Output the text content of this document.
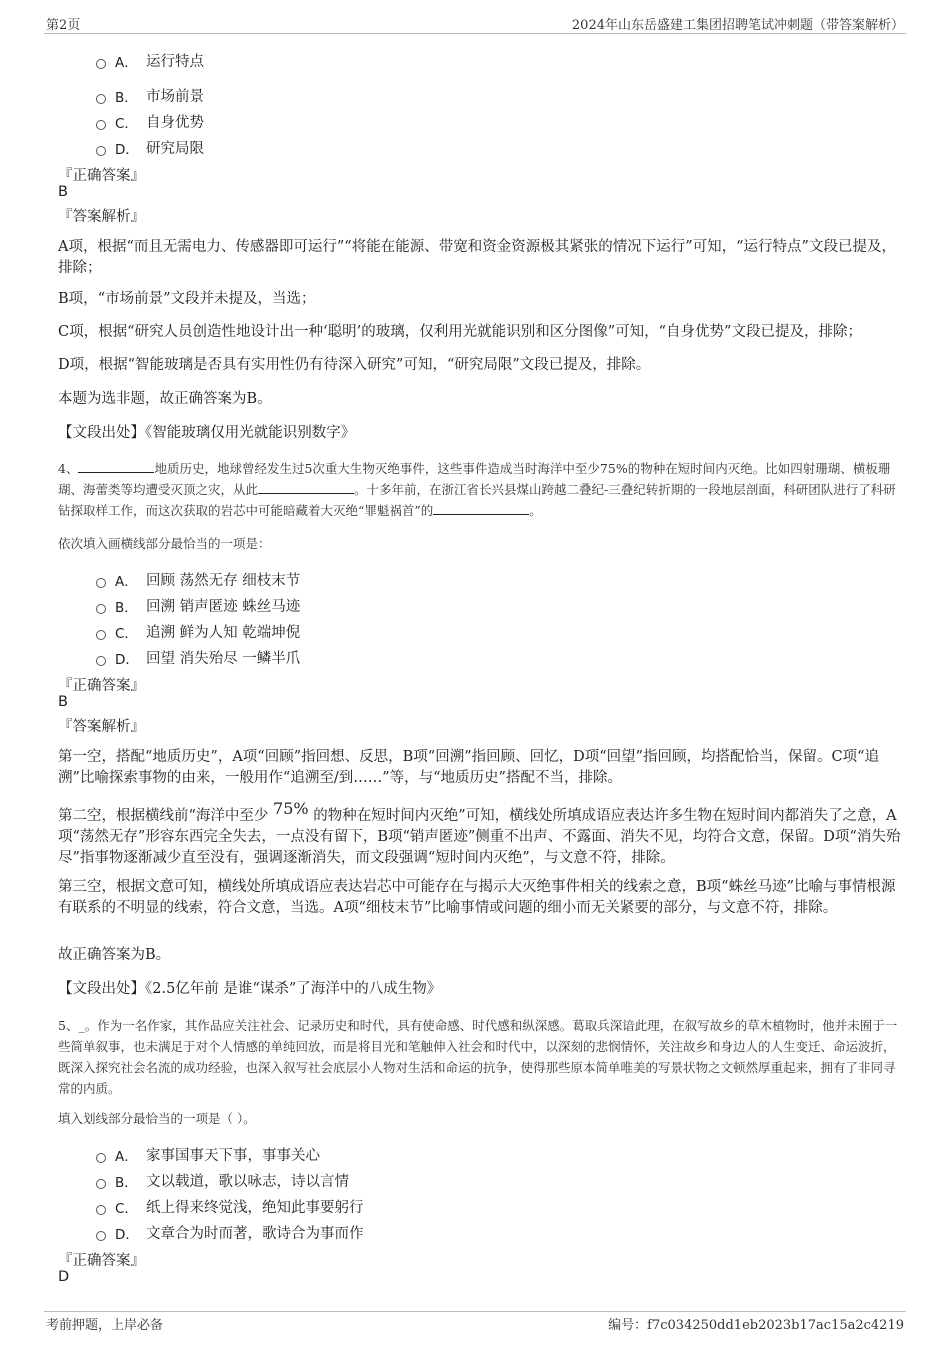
第2页	2024年山东岳盛建工集团招聘笔试冲刺题（带答案解析）
A． 运行特点
B． 市场前景
C． 自身优势
D． 研究局限
『正确答案』
B
『答案解析』
A项，根据“而且无需电力、传感器即可运行”“将能在能源、带宽和资金资源极其紧张的情况下运行”可知，“运行特点”文段已提及，排除；
B项，“市场前景”文段并未提及，当选；
C项，根据“研究人员创造性地设计出一种‘聪明’的玻璃，仅利用光就能识别和区分图像”可知，“自身优势”文段已提及，排除；
D项，根据“智能玻璃是否具有实用性仍有待深入研究”可知，“研究局限”文段已提及，排除。
本题为选非题，故正确答案为B。
【文段出处】《智能玻璃仅用光就能识别数字》
4、	地质历史，地球曾经发生过5次重大生物灭绝事件，这些事件造成当时海洋中至少75%的物种在短时间内灭绝。比如四射珊瑚、横板珊瑚、海蕾类等均遭受灭顶之灾，从此	。十多年前，在浙江省长兴县煤山跨越二叠纪-三叠纪转折期的一段地层剖面，科研团队进行了科研钻探取样工作，而这次获取的岩芯中可能暗藏着大灭绝“罪魁祸首”的	。
依次填入画横线部分最恰当的一项是：
A． 回顾 荡然无存 细枝末节
B． 回溯 销声匿迹 蛛丝马迹
C． 追溯 鲜为人知 乾端坤倪
D． 回望 消失殆尽 一鳞半爪
『正确答案』
B
『答案解析』
第一空，搭配“地质历史”，A项“回顾”指回想、反思，B项“回溯”指回顾、回忆，D项“回望”指回顾，均搭配恰当，保留。C项“追溯”比喻探索事物的由来，一般用作“追溯至/到……”等，与“地质历史”搭配不当，排除。
第二空，根据横线前“海洋中至少 75% 的物种在短时间内灭绝”可知，横线处所填成语应表达许多生物在短时间内都消失了之意，A项“荡然无存”形容东西完全失去，一点没有留下，B项“销声匿迹”侧重不出声、不露面、消失不见，均符合文意，保留。D项“消失殆尽”指事物逐渐减少直至没有，强调逐渐消失，而文段强调“短时间内灭绝”，与文意不符，排除。
第三空，根据文意可知，横线处所填成语应表达岩芯中可能存在与揭示大灭绝事件相关的线索之意，B项“蛛丝马迹”比喻与事情根源有联系的不明显的线索，符合文意，当选。A项“细枝末节”比喻事情或问题的细小而无关紧要的部分，与文意不符，排除。
故正确答案为B。
【文段出处】《2.5亿年前 是谁“谋杀”了海洋中的八成生物》
5、_。作为一名作家，其作品应关注社会、记录历史和时代，具有使命感、时代感和纵深感。葛取兵深谙此理，在叙写故乡的草木植物时，他并未囿于一些简单叙事，也未满足于对个人情感的单纯回放，而是将目光和笔触伸入社会和时代中，以深刻的悲悯情怀，关注故乡和身边人的人生变迁、命运波折，既深入探究社会名流的成功经验，也深入叙写社会底层小人物对生活和命运的抗争，使得那些原本简单唯美的写景状物之文顿然厚重起来，拥有了非同寻常的内质。
填入划线部分最恰当的一项是（ ）。
A． 家事国事天下事，事事关心
B． 文以载道，歌以咏志，诗以言情
C． 纸上得来终觉浅，绝知此事要躬行
D． 文章合为时而著，歌诗合为事而作
『正确答案』
D
考前押题，上岸必备	编号：f7c034250dd1eb2023b17ac15a2c4219
